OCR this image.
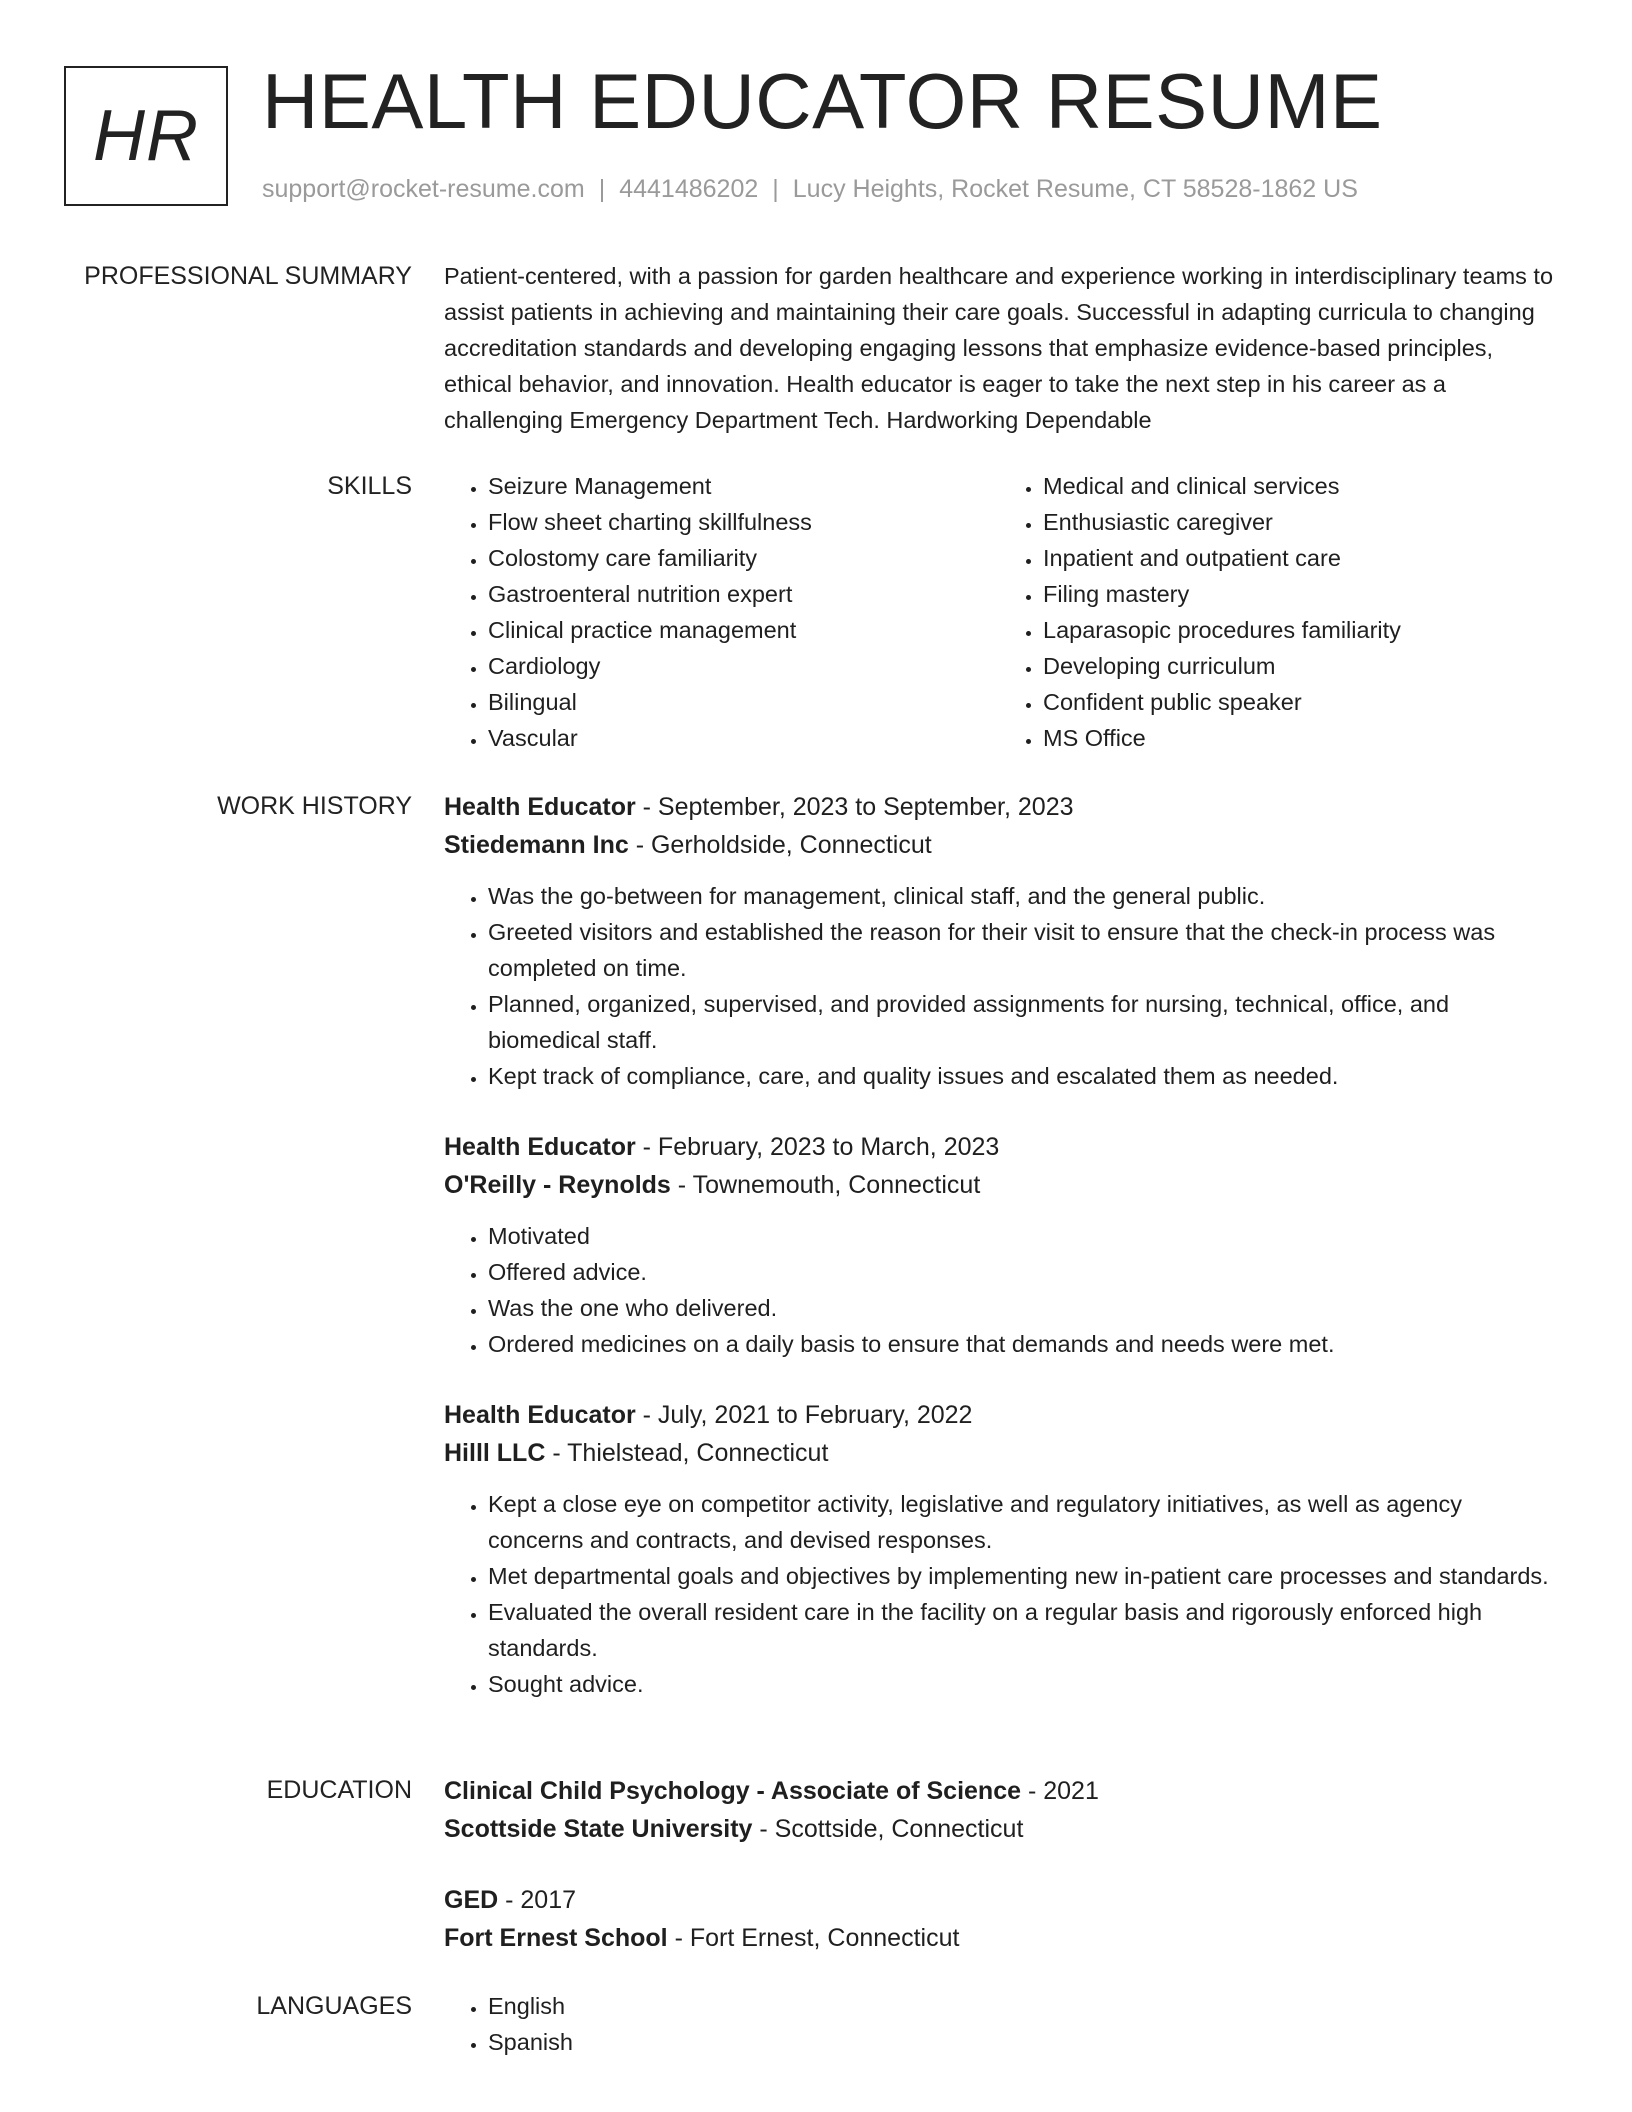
HR HEALTH EDUCATOR RESUME
support@rocket-resume.com | 4441486202 | Lucy Heights, Rocket Resume, CT 58528-1862 US
PROFESSIONAL SUMMARY Patient-centered, with a passion for garden healthcare and experience working in interdisciplinary teams to assist patients in achieving and maintaining their care goals. Successful in adapting curricula to changing accreditation standards and developing engaging lessons that emphasize evidence-based principles, ethical behavior, and innovation. Health educator is eager to take the next step in his career as a challenging Emergency Department Tech. Hardworking Dependable

SKILLS	• Seizure Management
• Flow sheet charting skillfulness
• Colostomy care familiarity
• Gastroenteral nutrition expert
• Clinical practice management
• Cardiology
• Bilingual
• Vascular
• Medical and clinical services
• Enthusiastic caregiver
• Inpatient and outpatient care
• Filing mastery
• Laparasopic procedures familiarity
• Developing curriculum
• Confident public speaker
• MS Office
WORK HISTORY Health Educator - September, 2023 to September, 2023
Stiedemann Inc - Gerholdside, Connecticut
• Was the go-between for management, clinical staff, and the general public.
• Greeted visitors and established the reason for their visit to ensure that the check-in process was completed on time.
• Planned, organized, supervised, and provided assignments for nursing, technical, office, and biomedical staff.
• Kept track of compliance, care, and quality issues and escalated them as needed.
Health Educator - February, 2023 to March, 2023
O'Reilly - Reynolds - Townemouth, Connecticut
• Motivated
• Offered advice.
• Was the one who delivered.
• Ordered medicines on a daily basis to ensure that demands and needs were met.
Health Educator - July, 2021 to February, 2022
Hilll LLC - Thielstead, Connecticut
• Kept a close eye on competitor activity, legislative and regulatory initiatives, as well as agency concerns and contracts, and devised responses.
• Met departmental goals and objectives by implementing new in-patient care processes and standards.
• Evaluated the overall resident care in the facility on a regular basis and rigorously enforced high standards.
• Sought advice.
EDUCATION Clinical Child Psychology - Associate of Science - 2021
Scottside State University - Scottside, Connecticut
GED - 2017
Fort Ernest School - Fort Ernest, Connecticut
LANGUAGES	• English
• Spanish
